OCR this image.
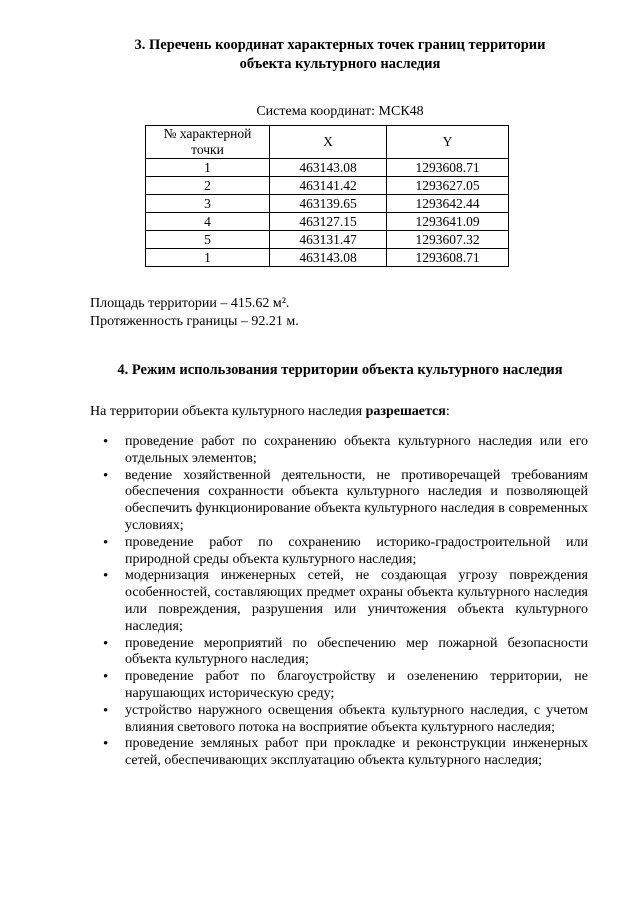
3. Перечень координат характерных точек границ территории
объекта культурного наследия
Система координат: МСК48
№ характерной точки	X	Y
1	463143.08	1293608.71
2	463141.42	1293627.05
3	463139.65	1293642.44
4	463127.15	1293641.09
5	463131.47	1293607.32
1	463143.08	1293608.71
Площадь территории – 415.62 м².
Протяженность границы – 92.21 м.
4. Режим использования территории объекта культурного наследия
На территории объекта культурного наследия разрешается:
• проведение работ по сохранению объекта культурного наследия или его отдельных элементов;
• ведение хозяйственной деятельности, не противоречащей требованиям обеспечения сохранности объекта культурного наследия и позволяющей обеспечить функционирование объекта культурного наследия в современных условиях;
• проведение работ по сохранению историко-градостроительной или природной среды объекта культурного наследия;
• модернизация инженерных сетей, не создающая угрозу повреждения особенностей, составляющих предмет охраны объекта культурного наследия или повреждения, разрушения или уничтожения объекта культурного наследия;
• проведение мероприятий по обеспечению мер пожарной безопасности объекта культурного наследия;
• проведение работ по благоустройству и озеленению территории, не нарушающих историческую среду;
• устройство наружного освещения объекта культурного наследия, с учетом влияния светового потока на восприятие объекта культурного наследия;
• проведение земляных работ при прокладке и реконструкции инженерных сетей, обеспечивающих эксплуатацию объекта культурного наследия;
